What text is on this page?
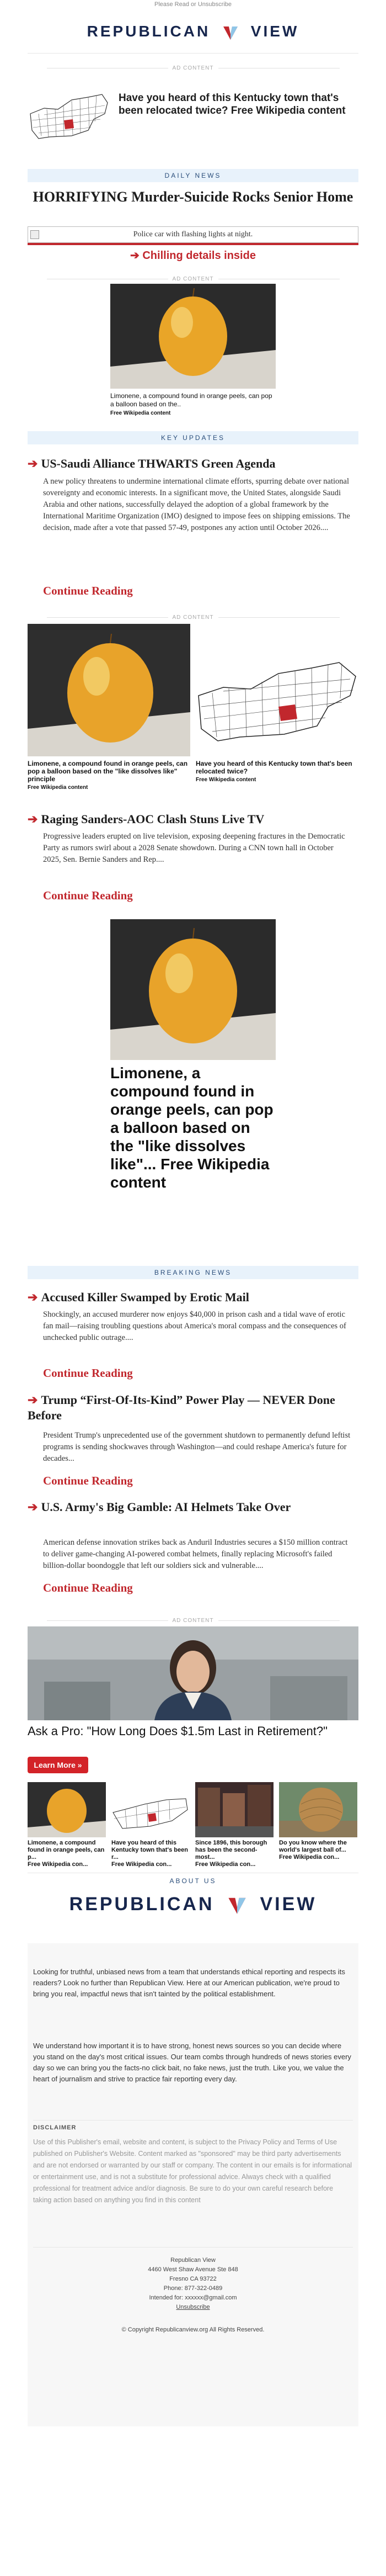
Please Read or Unsubscribe
REPUBLICAN	VIEW
AD CONTENT
Have you heard of this Kentucky town that's been relocated twice? Free Wikipedia content
DAILY NEWS
HORRIFYING Murder-Suicide Rocks Senior Home
Police car with flashing lights at night.
➔ Chilling details inside
AD CONTENT
Limonene, a compound found in orange peels, can pop a balloon based on the..
Free Wikipedia content
KEY UPDATES
➔ US-Saudi Alliance THWARTS Green Agenda
A new policy threatens to undermine international climate efforts, spurring debate over national sovereignty and economic interests. In a significant move, the United States, alongside Saudi Arabia and other nations, successfully delayed the adoption of a global framework by the International Maritime Organization (IMO) designed to impose fees on shipping emissions. The decision, made after a vote that passed 57-49, postpones any action until October 2026....
Continue Reading
AD CONTENT
Limonene, a compound found in orange peels, can pop a balloon based on the "like dissolves like" principle
Free Wikipedia content
Have you heard of this Kentucky town that's been relocated twice?
Free Wikipedia content
➔ Raging Sanders-AOC Clash Stuns Live TV
Progressive leaders erupted on live television, exposing deepening fractures in the Democratic Party as rumors swirl about a 2028 Senate showdown. During a CNN town hall in October 2025, Sen. Bernie Sanders and Rep....
Continue Reading
Limonene, a compound found in orange peels, can pop a balloon based on the "like dissolves like"... Free Wikipedia content
BREAKING NEWS
➔ Accused Killer Swamped by Erotic Mail
Shockingly, an accused murderer now enjoys $40,000 in prison cash and a tidal wave of erotic fan mail—raising troubling questions about America's moral compass and the consequences of unchecked public outrage....
Continue Reading
➔ Trump “First-Of-Its-Kind” Power Play — NEVER Done Before
President Trump's unprecedented use of the government shutdown to permanently defund leftist programs is sending shockwaves through Washington—and could reshape America's future for decades...
Continue Reading
➔ U.S. Army's Big Gamble: AI Helmets Take Over
American defense innovation strikes back as Anduril Industries secures a $150 million contract to deliver game-changing AI-powered combat helmets, finally replacing Microsoft's failed billion-dollar boondoggle that left our soldiers sick and vulnerable....
Continue Reading
AD CONTENT
Ask a Pro: "How Long Does $1.5m Last in Retirement?"
Learn More »
Limonene, a compound found in orange peels, can p...
Free Wikipedia con...
Have you heard of this Kentucky town that's been r...
Free Wikipedia con...
Since 1896, this borough has been the second-most...
Free Wikipedia con...
Do you know where the world's largest ball of...
Free Wikipedia con...
ABOUT US
REPUBLICAN VIEW
Looking for truthful, unbiased news from a team that understands ethical reporting and respects its readers? Look no further than Republican View. Here at our American publication, we're proud to bring you real, impactful news that isn't tainted by the political establishment.
We understand how important it is to have strong, honest news sources so you can decide where you stand on the day's most critical issues. Our team combs through hundreds of news stories every day so we can bring you the facts-no click bait, no fake news, just the truth. Like you, we value the heart of journalism and strive to practice fair reporting every day.
DISCLAIMER
Use of this Publisher's email, website and content, is subject to the Privacy Policy and Terms of Use published on Publisher's Website. Content marked as "sponsored" may be third party advertisements and are not endorsed or warranted by our staff or company. The content in our emails is for informational or entertainment use, and is not a substitute for professional advice. Always check with a qualified professional for treatment advice and/or diagnosis. Be sure to do your own careful research before taking action based on anything you find in this content
Republican View
4460 West Shaw Avenue Ste 848
Fresno CA 93722
Phone: 877-322-0489
Intended for: xxxxxx@gmail.com
Unsubscribe
© Copyright Republicanview.org All Rights Reserved.
